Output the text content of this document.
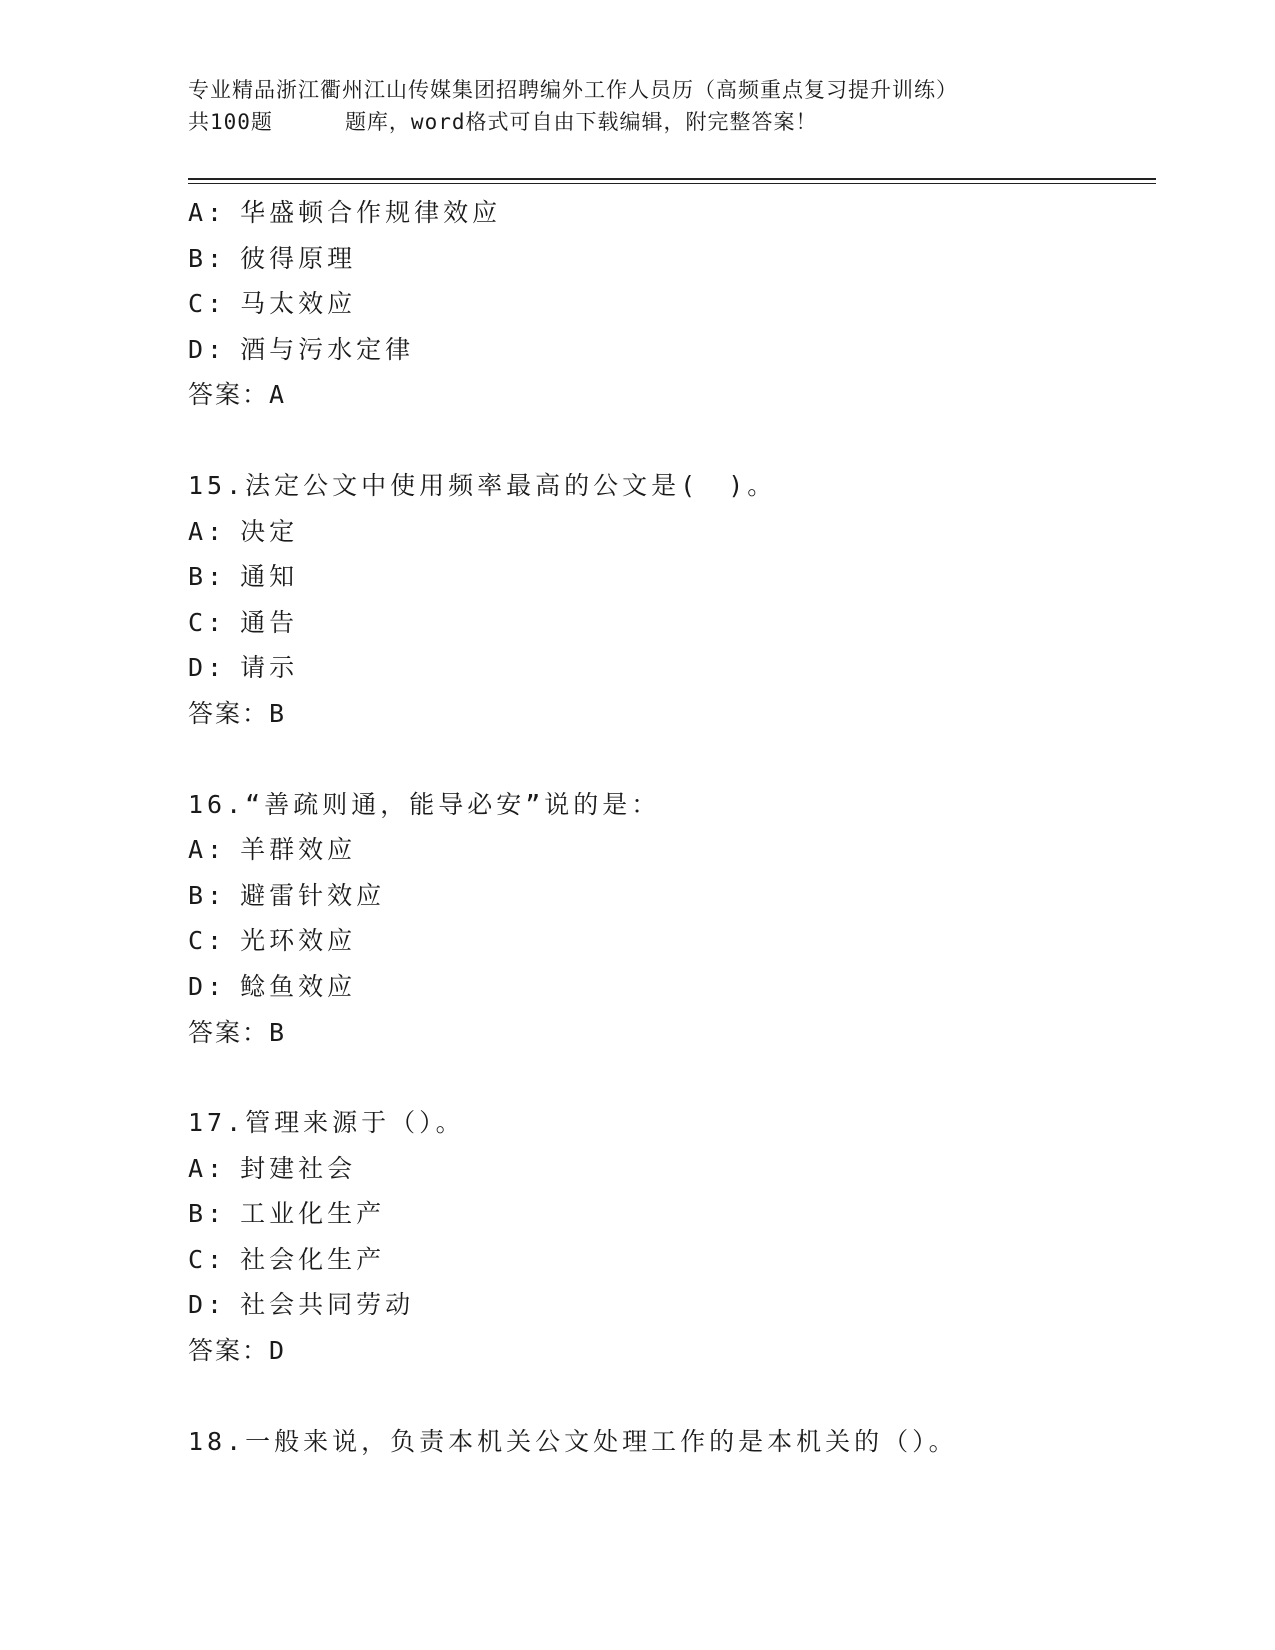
专业精品浙江衢州江山传媒集团招聘编外工作人员历（高频重点复习提升训练）
共100题	题库，word格式可自由下载编辑，附完整答案！
A: 华盛顿合作规律效应
B: 彼得原理
C: 马太效应
D: 酒与污水定律
答案：A
15.法定公文中使用频率最高的公文是(　)。
A: 决定
B: 通知
C: 通告
D: 请示
答案：B
16.“善疏则通，能导必安”说的是：
A: 羊群效应
B: 避雷针效应
C: 光环效应
D: 鲶鱼效应
答案：B
17.管理来源于（）。
A: 封建社会
B: 工业化生产
C: 社会化生产
D: 社会共同劳动
答案：D
18.一般来说，负责本机关公文处理工作的是本机关的（）。
